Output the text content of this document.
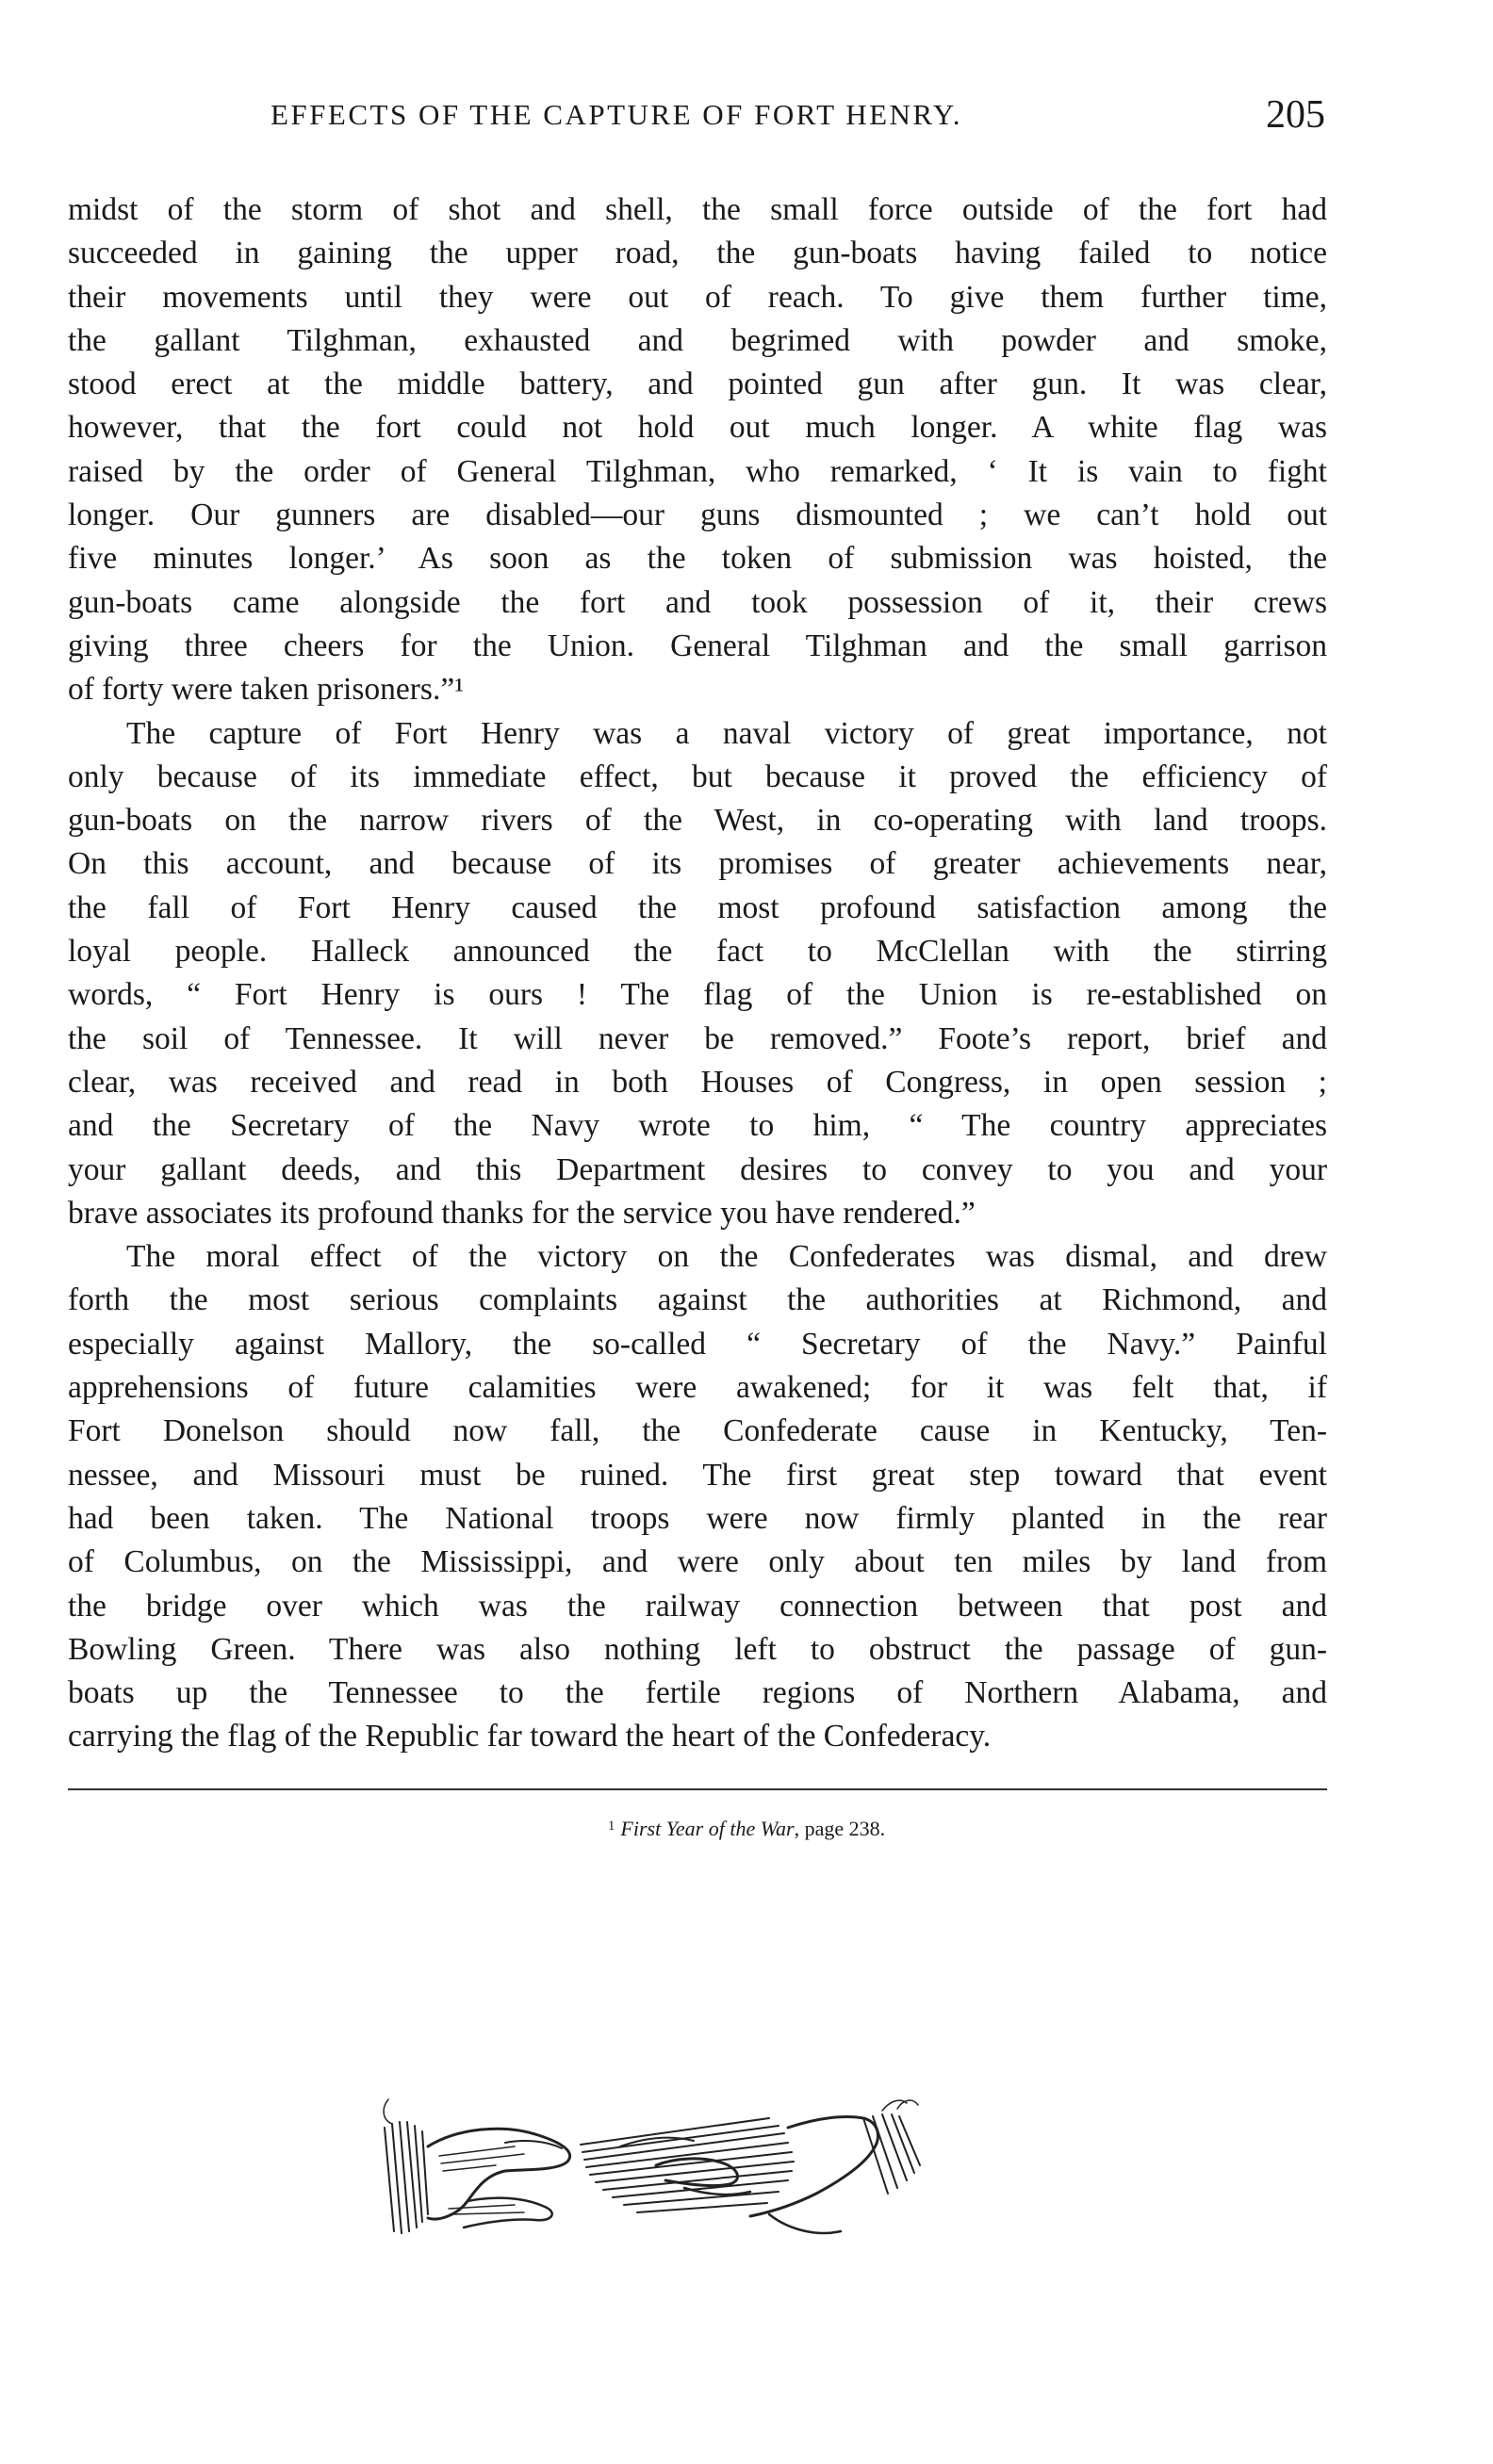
EFFECTS OF THE CAPTURE OF FORT HENRY.	205
midst of the storm of shot and shell, the small force outside of the fort had
succeeded in gaining the upper road, the gun-boats having failed to notice
their movements until they were out of reach. To give them further time,
the gallant Tilghman, exhausted and begrimed with powder and smoke,
stood erect at the middle battery, and pointed gun after gun. It was clear,
however, that the fort could not hold out much longer. A white flag was
raised by the order of General Tilghman, who remarked, ‘ It is vain to fight
longer. Our gunners are disabled—our guns dismounted ; we can’t hold out
five minutes longer.’ As soon as the token of submission was hoisted, the
gun-boats came alongside the fort and took possession of it, their crews
giving three cheers for the Union. General Tilghman and the small garrison
of forty were taken prisoners.”¹
The capture of Fort Henry was a naval victory of great importance, not
only because of its immediate effect, but because it proved the efficiency of
gun-boats on the narrow rivers of the West, in co-operating with land troops.
On this account, and because of its promises of greater achievements near,
the fall of Fort Henry caused the most profound satisfaction among the
loyal people. Halleck announced the fact to McClellan with the stirring
words, “ Fort Henry is ours ! The flag of the Union is re-established on
the soil of Tennessee. It will never be removed.” Foote’s report, brief and
clear, was received and read in both Houses of Congress, in open session ;
and the Secretary of the Navy wrote to him, “ The country appreciates
your gallant deeds, and this Department desires to convey to you and your
brave associates its profound thanks for the service you have rendered.”
The moral effect of the victory on the Confederates was dismal, and drew
forth the most serious complaints against the authorities at Richmond, and
especially against Mallory, the so-called “ Secretary of the Navy.” Painful
apprehensions of future calamities were awakened; for it was felt that, if
Fort Donelson should now fall, the Confederate cause in Kentucky, Ten-
nessee, and Missouri must be ruined. The first great step toward that event
had been taken. The National troops were now firmly planted in the rear
of Columbus, on the Mississippi, and were only about ten miles by land from
the bridge over which was the railway connection between that post and
Bowling Green. There was also nothing left to obstruct the passage of gun-
boats up the Tennessee to the fertile regions of Northern Alabama, and
carrying the flag of the Republic far toward the heart of the Confederacy.
$^1$ First Year of the War, page 238.
